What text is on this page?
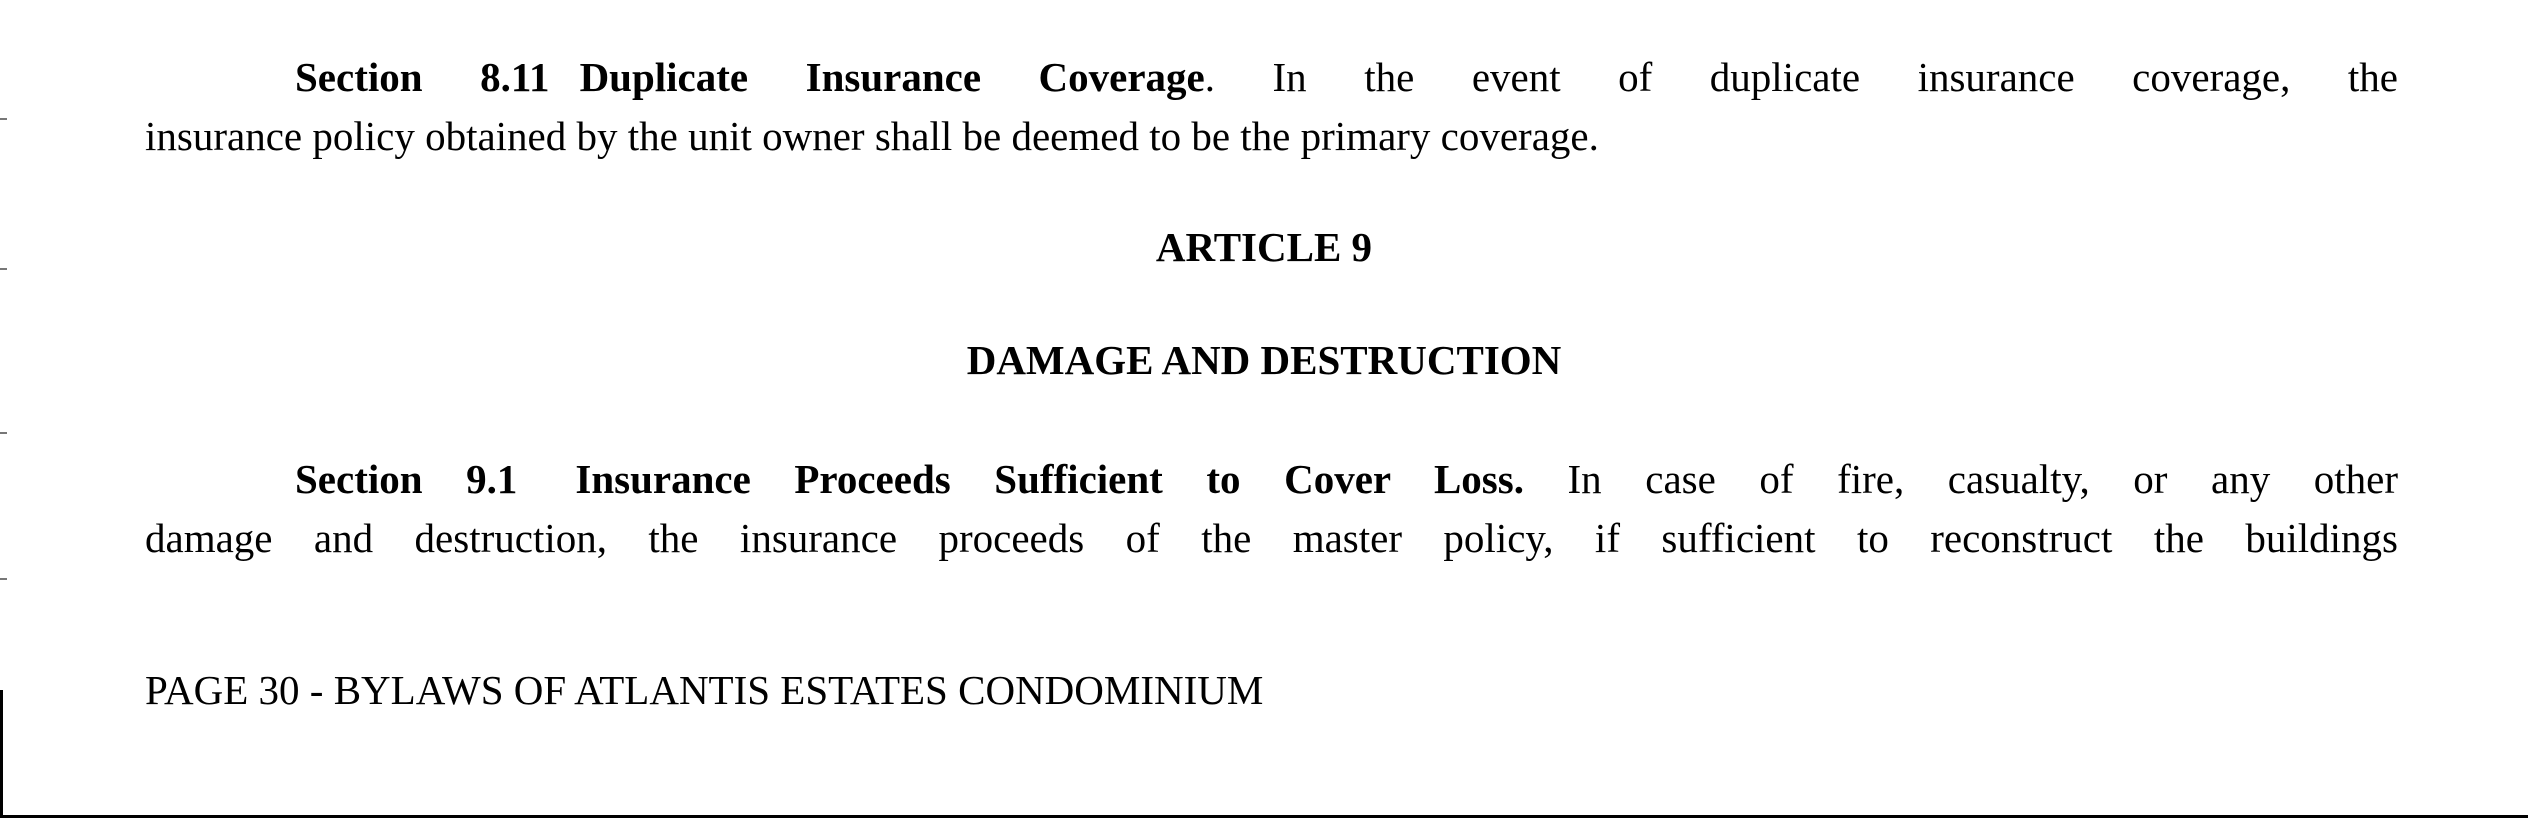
Section 8.11 Duplicate Insurance Coverage. In the event of duplicate insurance coverage, the
insurance policy obtained by the unit owner shall be deemed to be the primary coverage.
ARTICLE 9
DAMAGE AND DESTRUCTION
Section 9.1 Insurance Proceeds Sufficient to Cover Loss. In case of fire, casualty, or any other
damage and destruction, the insurance proceeds of the master policy, if sufficient to reconstruct the buildings
PAGE 30 - BYLAWS OF ATLANTIS ESTATES CONDOMINIUM
